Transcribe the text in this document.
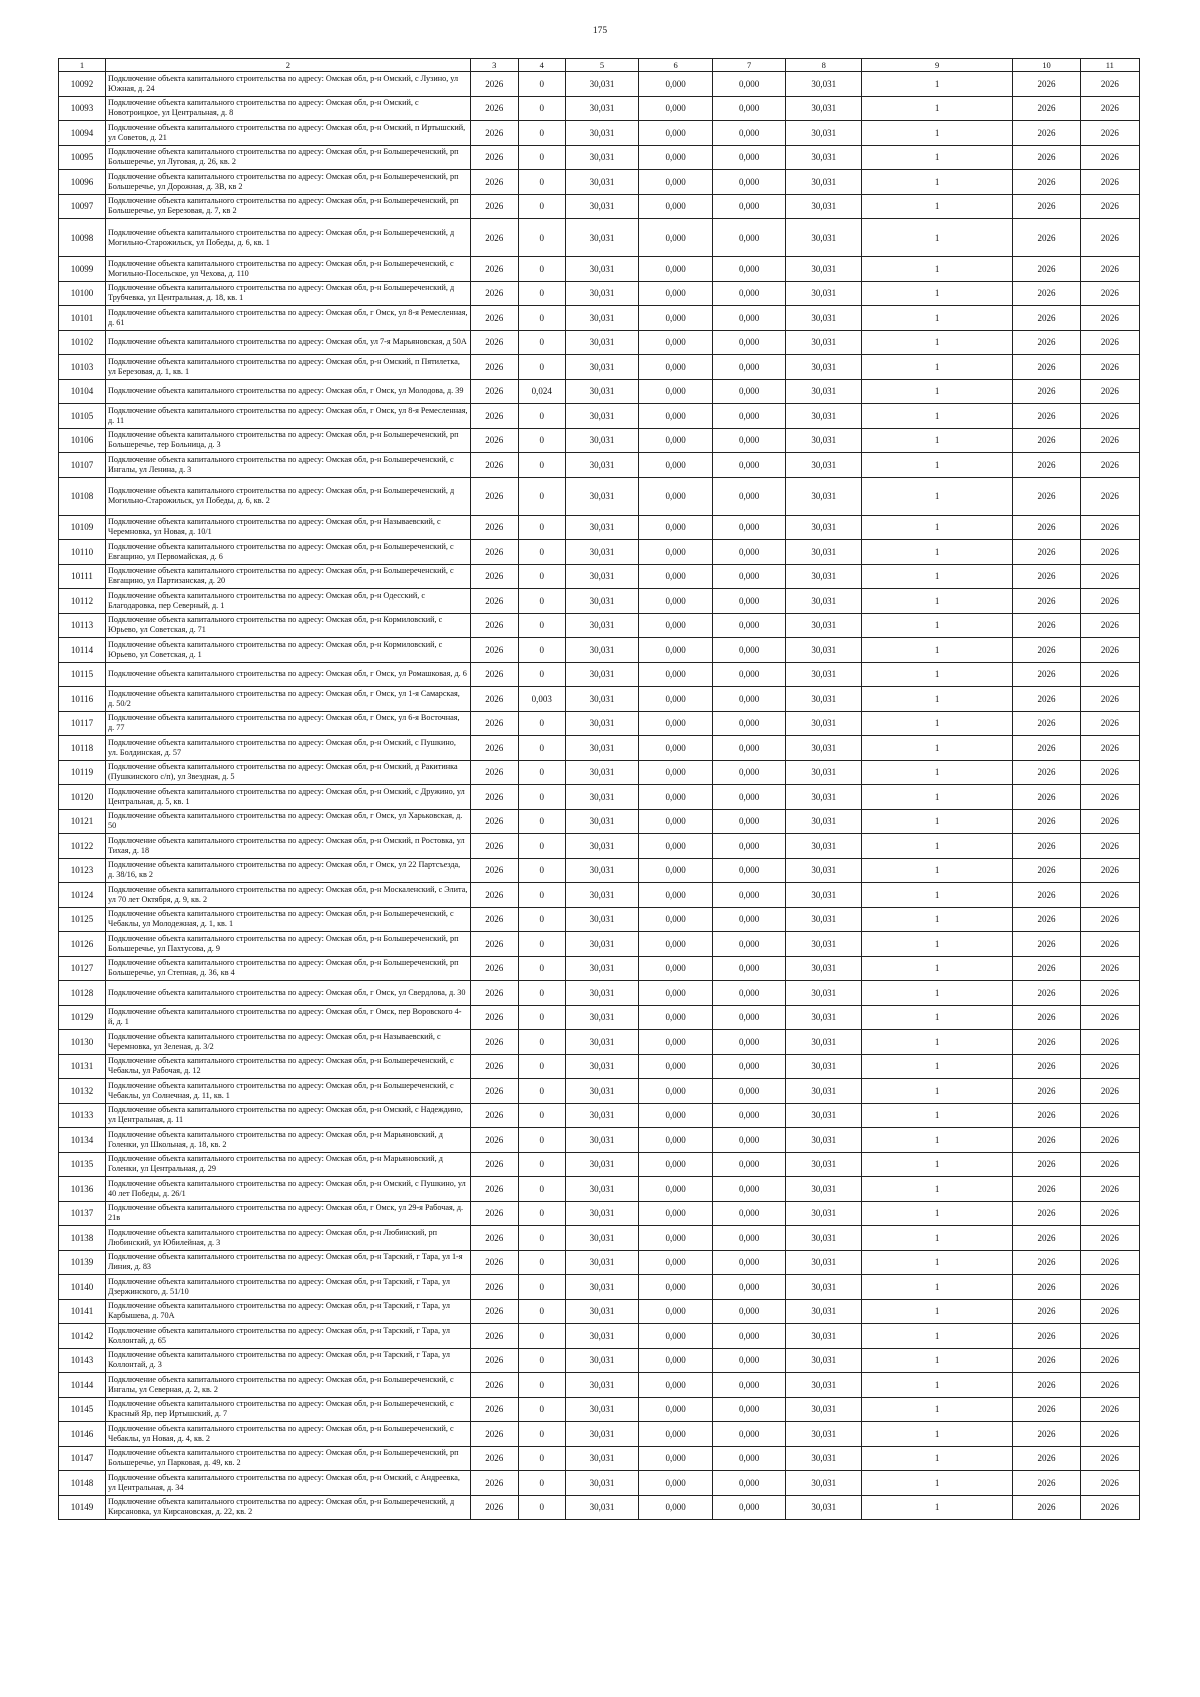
175
1	2	3	4	5	6	7	8	9	10	11
10092	Подключение объекта капитального строительства по адресу: Омская обл, р-н Омский, с Лузино, ул Южная, д. 24	2026	0	30,031	0,000	0,000	30,031	1	2026	2026
10093	Подключение объекта капитального строительства по адресу: Омская обл, р-н Омский, с Новотроицкое, ул Центральная, д. 8	2026	0	30,031	0,000	0,000	30,031	1	2026	2026
10094	Подключение объекта капитального строительства по адресу: Омская обл, р-н Омский, п Иртышский, ул Советов, д. 21	2026	0	30,031	0,000	0,000	30,031	1	2026	2026
10095	Подключение объекта капитального строительства по адресу: Омская обл, р-н Большереченский, рп Большеречье, ул Луговая, д. 26, кв. 2	2026	0	30,031	0,000	0,000	30,031	1	2026	2026
10096	Подключение объекта капитального строительства по адресу: Омская обл, р-н Большереченский, рп Большеречье, ул Дорожная, д. 3В, кв 2	2026	0	30,031	0,000	0,000	30,031	1	2026	2026
10097	Подключение объекта капитального строительства по адресу: Омская обл, р-н Большереченский, рп Большеречье, ул Березовая, д. 7, кв 2	2026	0	30,031	0,000	0,000	30,031	1	2026	2026
10098	Подключение объекта капитального строительства по адресу: Омская обл, р-н Большереченский, д Могильно-Старожильск, ул Победы, д. 6, кв. 1	2026	0	30,031	0,000	0,000	30,031	1	2026	2026
10099	Подключение объекта капитального строительства по адресу: Омская обл, р-н Большереченский, с Могильно-Посельское, ул Чехова, д. 110	2026	0	30,031	0,000	0,000	30,031	1	2026	2026
10100	Подключение объекта капитального строительства по адресу: Омская обл, р-н Большереченский, д Трубчевка, ул Центральная, д. 18, кв. 1	2026	0	30,031	0,000	0,000	30,031	1	2026	2026
10101	Подключение объекта капитального строительства по адресу: Омская обл, г Омск, ул 8-я Ремесленная, д. 61	2026	0	30,031	0,000	0,000	30,031	1	2026	2026
10102	Подключение объекта капитального строительства по адресу: Омская обл, ул 7-я Марьяновская, д 50А	2026	0	30,031	0,000	0,000	30,031	1	2026	2026
10103	Подключение объекта капитального строительства по адресу: Омская обл, р-н Омский, п Пятилетка, ул Березовая, д. 1, кв. 1	2026	0	30,031	0,000	0,000	30,031	1	2026	2026
10104	Подключение объекта капитального строительства по адресу: Омская обл, г Омск, ул Молодова, д. 39	2026	0,024	30,031	0,000	0,000	30,031	1	2026	2026
10105	Подключение объекта капитального строительства по адресу: Омская обл, г Омск, ул 8-я Ремесленная, д. 11	2026	0	30,031	0,000	0,000	30,031	1	2026	2026
10106	Подключение объекта капитального строительства по адресу: Омская обл, р-н Большереченский, рп Большеречье, тер Больница, д. 3	2026	0	30,031	0,000	0,000	30,031	1	2026	2026
10107	Подключение объекта капитального строительства по адресу: Омская обл, р-н Большереченский, с Ингалы, ул Ленина, д. 3	2026	0	30,031	0,000	0,000	30,031	1	2026	2026
10108	Подключение объекта капитального строительства по адресу: Омская обл, р-н Большереченский, д Могильно-Старожильск, ул Победы, д. 6, кв. 2	2026	0	30,031	0,000	0,000	30,031	1	2026	2026
10109	Подключение объекта капитального строительства по адресу: Омская обл, р-н Называевский, с Черемновка, ул Новая, д. 10/1	2026	0	30,031	0,000	0,000	30,031	1	2026	2026
10110	Подключение объекта капитального строительства по адресу: Омская обл, р-н Большереченский, с Евгащино, ул Первомайская, д. 6	2026	0	30,031	0,000	0,000	30,031	1	2026	2026
10111	Подключение объекта капитального строительства по адресу: Омская обл, р-н Большереченский, с Евгащино, ул Партизанская, д. 20	2026	0	30,031	0,000	0,000	30,031	1	2026	2026
10112	Подключение объекта капитального строительства по адресу: Омская обл, р-н Одесский, с Благодаровка, пер Северный, д. 1	2026	0	30,031	0,000	0,000	30,031	1	2026	2026
10113	Подключение объекта капитального строительства по адресу: Омская обл, р-н Кормиловский, с Юрьево, ул Советская, д. 71	2026	0	30,031	0,000	0,000	30,031	1	2026	2026
10114	Подключение объекта капитального строительства по адресу: Омская обл, р-н Кормиловский, с Юрьево, ул Советская, д. 1	2026	0	30,031	0,000	0,000	30,031	1	2026	2026
10115	Подключение объекта капитального строительства по адресу: Омская обл, г Омск, ул Ромашковая, д. 6	2026	0	30,031	0,000	0,000	30,031	1	2026	2026
10116	Подключение объекта капитального строительства по адресу: Омская обл, г Омск, ул 1-я Самарская, д. 50/2	2026	0,003	30,031	0,000	0,000	30,031	1	2026	2026
10117	Подключение объекта капитального строительства по адресу: Омская обл, г Омск, ул 6-я Восточная, д. 77	2026	0	30,031	0,000	0,000	30,031	1	2026	2026
10118	Подключение объекта капитального строительства по адресу: Омская обл, р-н Омский, с Пушкино, ул. Болдинская, д. 57	2026	0	30,031	0,000	0,000	30,031	1	2026	2026
10119	Подключение объекта капитального строительства по адресу: Омская обл, р-н Омский, д Ракитинка (Пушкинского с/п), ул Звездная, д. 5	2026	0	30,031	0,000	0,000	30,031	1	2026	2026
10120	Подключение объекта капитального строительства по адресу: Омская обл, р-н Омский, с Дружино, ул Центральная, д. 5, кв. 1	2026	0	30,031	0,000	0,000	30,031	1	2026	2026
10121	Подключение объекта капитального строительства по адресу: Омская обл, г Омск, ул Харьковская, д. 50	2026	0	30,031	0,000	0,000	30,031	1	2026	2026
10122	Подключение объекта капитального строительства по адресу: Омская обл, р-н Омский, п Ростовка, ул Тихая, д. 18	2026	0	30,031	0,000	0,000	30,031	1	2026	2026
10123	Подключение объекта капитального строительства по адресу: Омская обл, г Омск, ул 22 Партсъезда, д. 38/16, кв 2	2026	0	30,031	0,000	0,000	30,031	1	2026	2026
10124	Подключение объекта капитального строительства по адресу: Омская обл, р-н Москаленский, с Элита, ул 70 лет Октября, д. 9, кв. 2	2026	0	30,031	0,000	0,000	30,031	1	2026	2026
10125	Подключение объекта капитального строительства по адресу: Омская обл, р-н Большереченский, с Чебаклы, ул Молодежная, д. 1, кв. 1	2026	0	30,031	0,000	0,000	30,031	1	2026	2026
10126	Подключение объекта капитального строительства по адресу: Омская обл, р-н Большереченский, рп Большеречье, ул Пахтусова, д. 9	2026	0	30,031	0,000	0,000	30,031	1	2026	2026
10127	Подключение объекта капитального строительства по адресу: Омская обл, р-н Большереченский, рп Большеречье, ул Степная, д. 36, кв 4	2026	0	30,031	0,000	0,000	30,031	1	2026	2026
10128	Подключение объекта капитального строительства по адресу: Омская обл, г Омск, ул Свердлова, д. 30	2026	0	30,031	0,000	0,000	30,031	1	2026	2026
10129	Подключение объекта капитального строительства по адресу: Омская обл, г Омск, пер Воровского 4-й, д. 1	2026	0	30,031	0,000	0,000	30,031	1	2026	2026
10130	Подключение объекта капитального строительства по адресу: Омская обл, р-н Называевский, с Черемновка, ул Зеленая, д. 3/2	2026	0	30,031	0,000	0,000	30,031	1	2026	2026
10131	Подключение объекта капитального строительства по адресу: Омская обл, р-н Большереченский, с Чебаклы, ул Рабочая, д. 12	2026	0	30,031	0,000	0,000	30,031	1	2026	2026
10132	Подключение объекта капитального строительства по адресу: Омская обл, р-н Большереченский, с Чебаклы, ул Солнечная, д. 11, кв. 1	2026	0	30,031	0,000	0,000	30,031	1	2026	2026
10133	Подключение объекта капитального строительства по адресу: Омская обл, р-н Омский, с Надеждино, ул Центральная, д. 11	2026	0	30,031	0,000	0,000	30,031	1	2026	2026
10134	Подключение объекта капитального строительства по адресу: Омская обл, р-н Марьяновский, д Голенки, ул Школьная, д. 18, кв. 2	2026	0	30,031	0,000	0,000	30,031	1	2026	2026
10135	Подключение объекта капитального строительства по адресу: Омская обл, р-н Марьяновский, д Голенки, ул Центральная, д. 29	2026	0	30,031	0,000	0,000	30,031	1	2026	2026
10136	Подключение объекта капитального строительства по адресу: Омская обл, р-н Омский, с Пушкино, ул 40 лет Победы, д. 26/1	2026	0	30,031	0,000	0,000	30,031	1	2026	2026
10137	Подключение объекта капитального строительства по адресу: Омская обл, г Омск, ул 29-я Рабочая, д. 21в	2026	0	30,031	0,000	0,000	30,031	1	2026	2026
10138	Подключение объекта капитального строительства по адресу: Омская обл, р-н Любинский, рп Любинский, ул Юбилейная, д. 3	2026	0	30,031	0,000	0,000	30,031	1	2026	2026
10139	Подключение объекта капитального строительства по адресу: Омская обл, р-н Тарский, г Тара, ул 1-я Линия, д. 83	2026	0	30,031	0,000	0,000	30,031	1	2026	2026
10140	Подключение объекта капитального строительства по адресу: Омская обл, р-н Тарский, г Тара, ул Дзержинского, д. 51/10	2026	0	30,031	0,000	0,000	30,031	1	2026	2026
10141	Подключение объекта капитального строительства по адресу: Омская обл, р-н Тарский, г Тара, ул Карбышева, д. 70А	2026	0	30,031	0,000	0,000	30,031	1	2026	2026
10142	Подключение объекта капитального строительства по адресу: Омская обл, р-н Тарский, г Тара, ул Коллонтай, д. 65	2026	0	30,031	0,000	0,000	30,031	1	2026	2026
10143	Подключение объекта капитального строительства по адресу: Омская обл, р-н Тарский, г Тара, ул Коллонтай, д. 3	2026	0	30,031	0,000	0,000	30,031	1	2026	2026
10144	Подключение объекта капитального строительства по адресу: Омская обл, р-н Большереченский, с Ингалы, ул Северная, д. 2, кв. 2	2026	0	30,031	0,000	0,000	30,031	1	2026	2026
10145	Подключение объекта капитального строительства по адресу: Омская обл, р-н Большереченский, с Красный Яр, пер Иртышский, д. 7	2026	0	30,031	0,000	0,000	30,031	1	2026	2026
10146	Подключение объекта капитального строительства по адресу: Омская обл, р-н Большереченский, с Чебаклы, ул Новая, д. 4, кв. 2	2026	0	30,031	0,000	0,000	30,031	1	2026	2026
10147	Подключение объекта капитального строительства по адресу: Омская обл, р-н Большереченский, рп Большеречье, ул Парковая, д. 49, кв. 2	2026	0	30,031	0,000	0,000	30,031	1	2026	2026
10148	Подключение объекта капитального строительства по адресу: Омская обл, р-н Омский, с Андреевка, ул Центральная, д. 34	2026	0	30,031	0,000	0,000	30,031	1	2026	2026
10149	Подключение объекта капитального строительства по адресу: Омская обл, р-н Большереченский, д Кирсановка, ул Кирсановская, д. 22, кв. 2	2026	0	30,031	0,000	0,000	30,031	1	2026	2026
